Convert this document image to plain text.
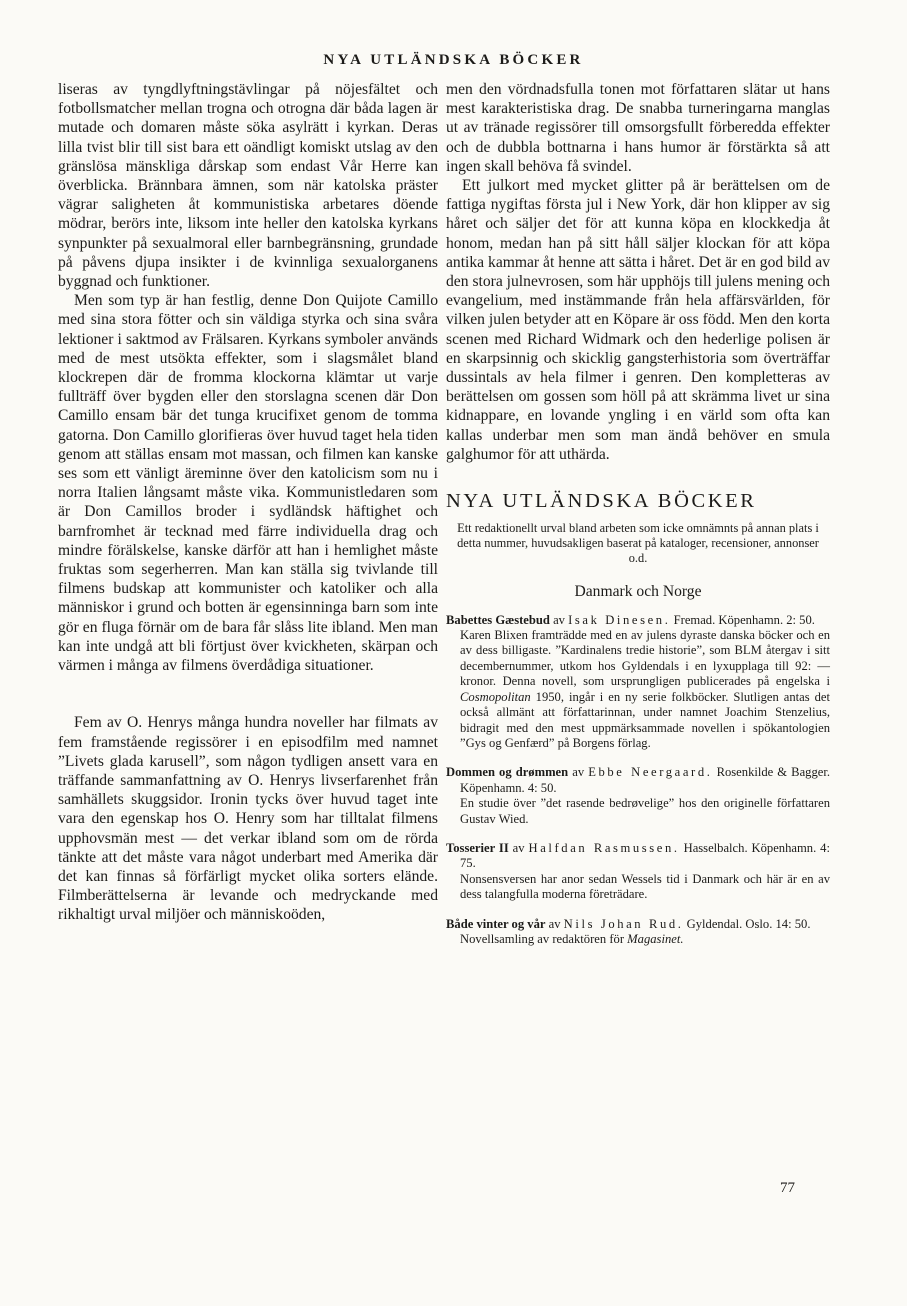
NYA UTLÄNDSKA BÖCKER

liseras av tyngdlyftningstävlingar på nöjesfältet och fotbollsmatcher mellan trogna och otrogna där båda lagen är mutade och domaren måste söka asylrätt i kyrkan. Deras lilla tvist blir till sist bara ett oändligt komiskt utslag av den gränslösa mänskliga dårskap som endast Vår Herre kan överblicka. Brännbara ämnen, som när katolska präster vägrar saligheten åt kommunistiska arbetares döende mödrar, berörs inte, liksom inte heller den katolska kyrkans synpunkter på sexualmoral eller barnbegränsning, grundade på påvens djupa insikter i de kvinnliga sexualorganens byggnad och funktioner.

Men som typ är han festlig, denne Don Quijote Camillo med sina stora fötter och sin väldiga styrka och sina svåra lektioner i saktmod av Frälsaren. Kyrkans symboler används med de mest utsökta effekter, som i slagsmålet bland klockrepen där de fromma klockorna klämtar ut varje fullträff över bygden eller den storslagna scenen där Don Camillo ensam bär det tunga krucifixet genom de tomma gatorna. Don Camillo glorifieras över huvud taget hela tiden genom att ställas ensam mot massan, och filmen kan kanske ses som ett vänligt äreminne över den katolicism som nu i norra Italien långsamt måste vika. Kommunistledaren som är Don Camillos broder i sydländsk häftighet och barnfromhet är tecknad med färre individuella drag och mindre förälskelse, kanske därför att han i hemlighet måste fruktas som segerherren. Man kan ställa sig tvivlande till filmens budskap att kommunister och katoliker och alla människor i grund och botten är egensinninga barn som inte gör en fluga förnär om de bara får slåss lite ibland. Men man kan inte undgå att bli förtjust över kvickheten, skärpan och värmen i många av filmens överdådiga situationer.

Fem av O. Henrys många hundra noveller har filmats av fem framstående regissörer i en episodfilm med namnet ”Livets glada karusell”, som någon tydligen ansett vara en träffande sammanfattning av O. Henrys livserfarenhet från samhällets skuggsidor. Ironin tycks över huvud taget inte vara den egenskap hos O. Henry som har tilltalat filmens upphovsmän mest — det verkar ibland som om de rörda tänkte att det måste vara något underbart med Amerika där det kan finnas så förfärligt mycket olika sorters elände. Filmberättelserna är levande och medryckande med rikhaltigt urval miljöer och människoöden,

men den vördnadsfulla tonen mot författaren slätar ut hans mest karakteristiska drag. De snabba turneringarna manglas ut av tränade regissörer till omsorgsfullt förberedda effekter och de dubbla bottnarna i hans humor är förstärkta så att ingen skall behöva få svindel.

Ett julkort med mycket glitter på är berättelsen om de fattiga nygiftas första jul i New York, där hon klipper av sig håret och säljer det för att kunna köpa en klockkedja åt honom, medan han på sitt håll säljer klockan för att köpa antika kammar åt henne att sätta i håret. Det är en god bild av den stora julnevrosen, som här upphöjs till julens mening och evangelium, med instämmande från hela affärsvärlden, för vilken julen betyder att en Köpare är oss född. Men den korta scenen med Richard Widmark och den hederlige polisen är en skarpsinnig och skicklig gangsterhistoria som överträffar dussintals av hela filmer i genren. Den kompletteras av berättelsen om gossen som höll på att skrämma livet ur sina kidnappare, en lovande yngling i en värld som ofta kan kallas underbar men som man ändå behöver en smula galghumor för att uthärda.

NYA UTLÄNDSKA BÖCKER
Ett redaktionellt urval bland arbeten som icke omnämnts på annan plats i detta nummer, huvudsakligen baserat på kataloger, recensioner, annonser o.d.
Danmark och Norge
Babettes Gæstebud av Isak Dinesen. Fremad. Köpenhamn. 2: 50.
Karen Blixen framträdde med en av julens dyraste danska böcker och en av dess billigaste. ”Kardinalens tredie historie”, som BLM återgav i sitt decembernummer, utkom hos Gyldendals i en lyxupplaga till 92: — kronor. Denna novell, som ursprungligen publicerades på engelska i Cosmopolitan 1950, ingår i en ny serie folkböcker. Slutligen antas det också allmänt att författarinnan, under namnet Joachim Stenzelius, bidragit med den mest uppmärksammade novellen i spökantologien ”Gys og Genfærd” på Borgens förlag.
Dommen og drømmen av Ebbe Neergaard. Rosenkilde & Bagger. Köpenhamn. 4: 50.
En studie över ”det rasende bedrøvelige” hos den originelle författaren Gustav Wied.
Tosserier II av Halfdan Rasmussen. Hasselbalch. Köpenhamn. 4: 75.
Nonsensversen har anor sedan Wessels tid i Danmark och här är en av dess talangfulla moderna företrädare.
Både vinter og vår av Nils Johan Rud. Gyldendal. Oslo. 14: 50.
Novellsamling av redaktören för Magasinet.
77
